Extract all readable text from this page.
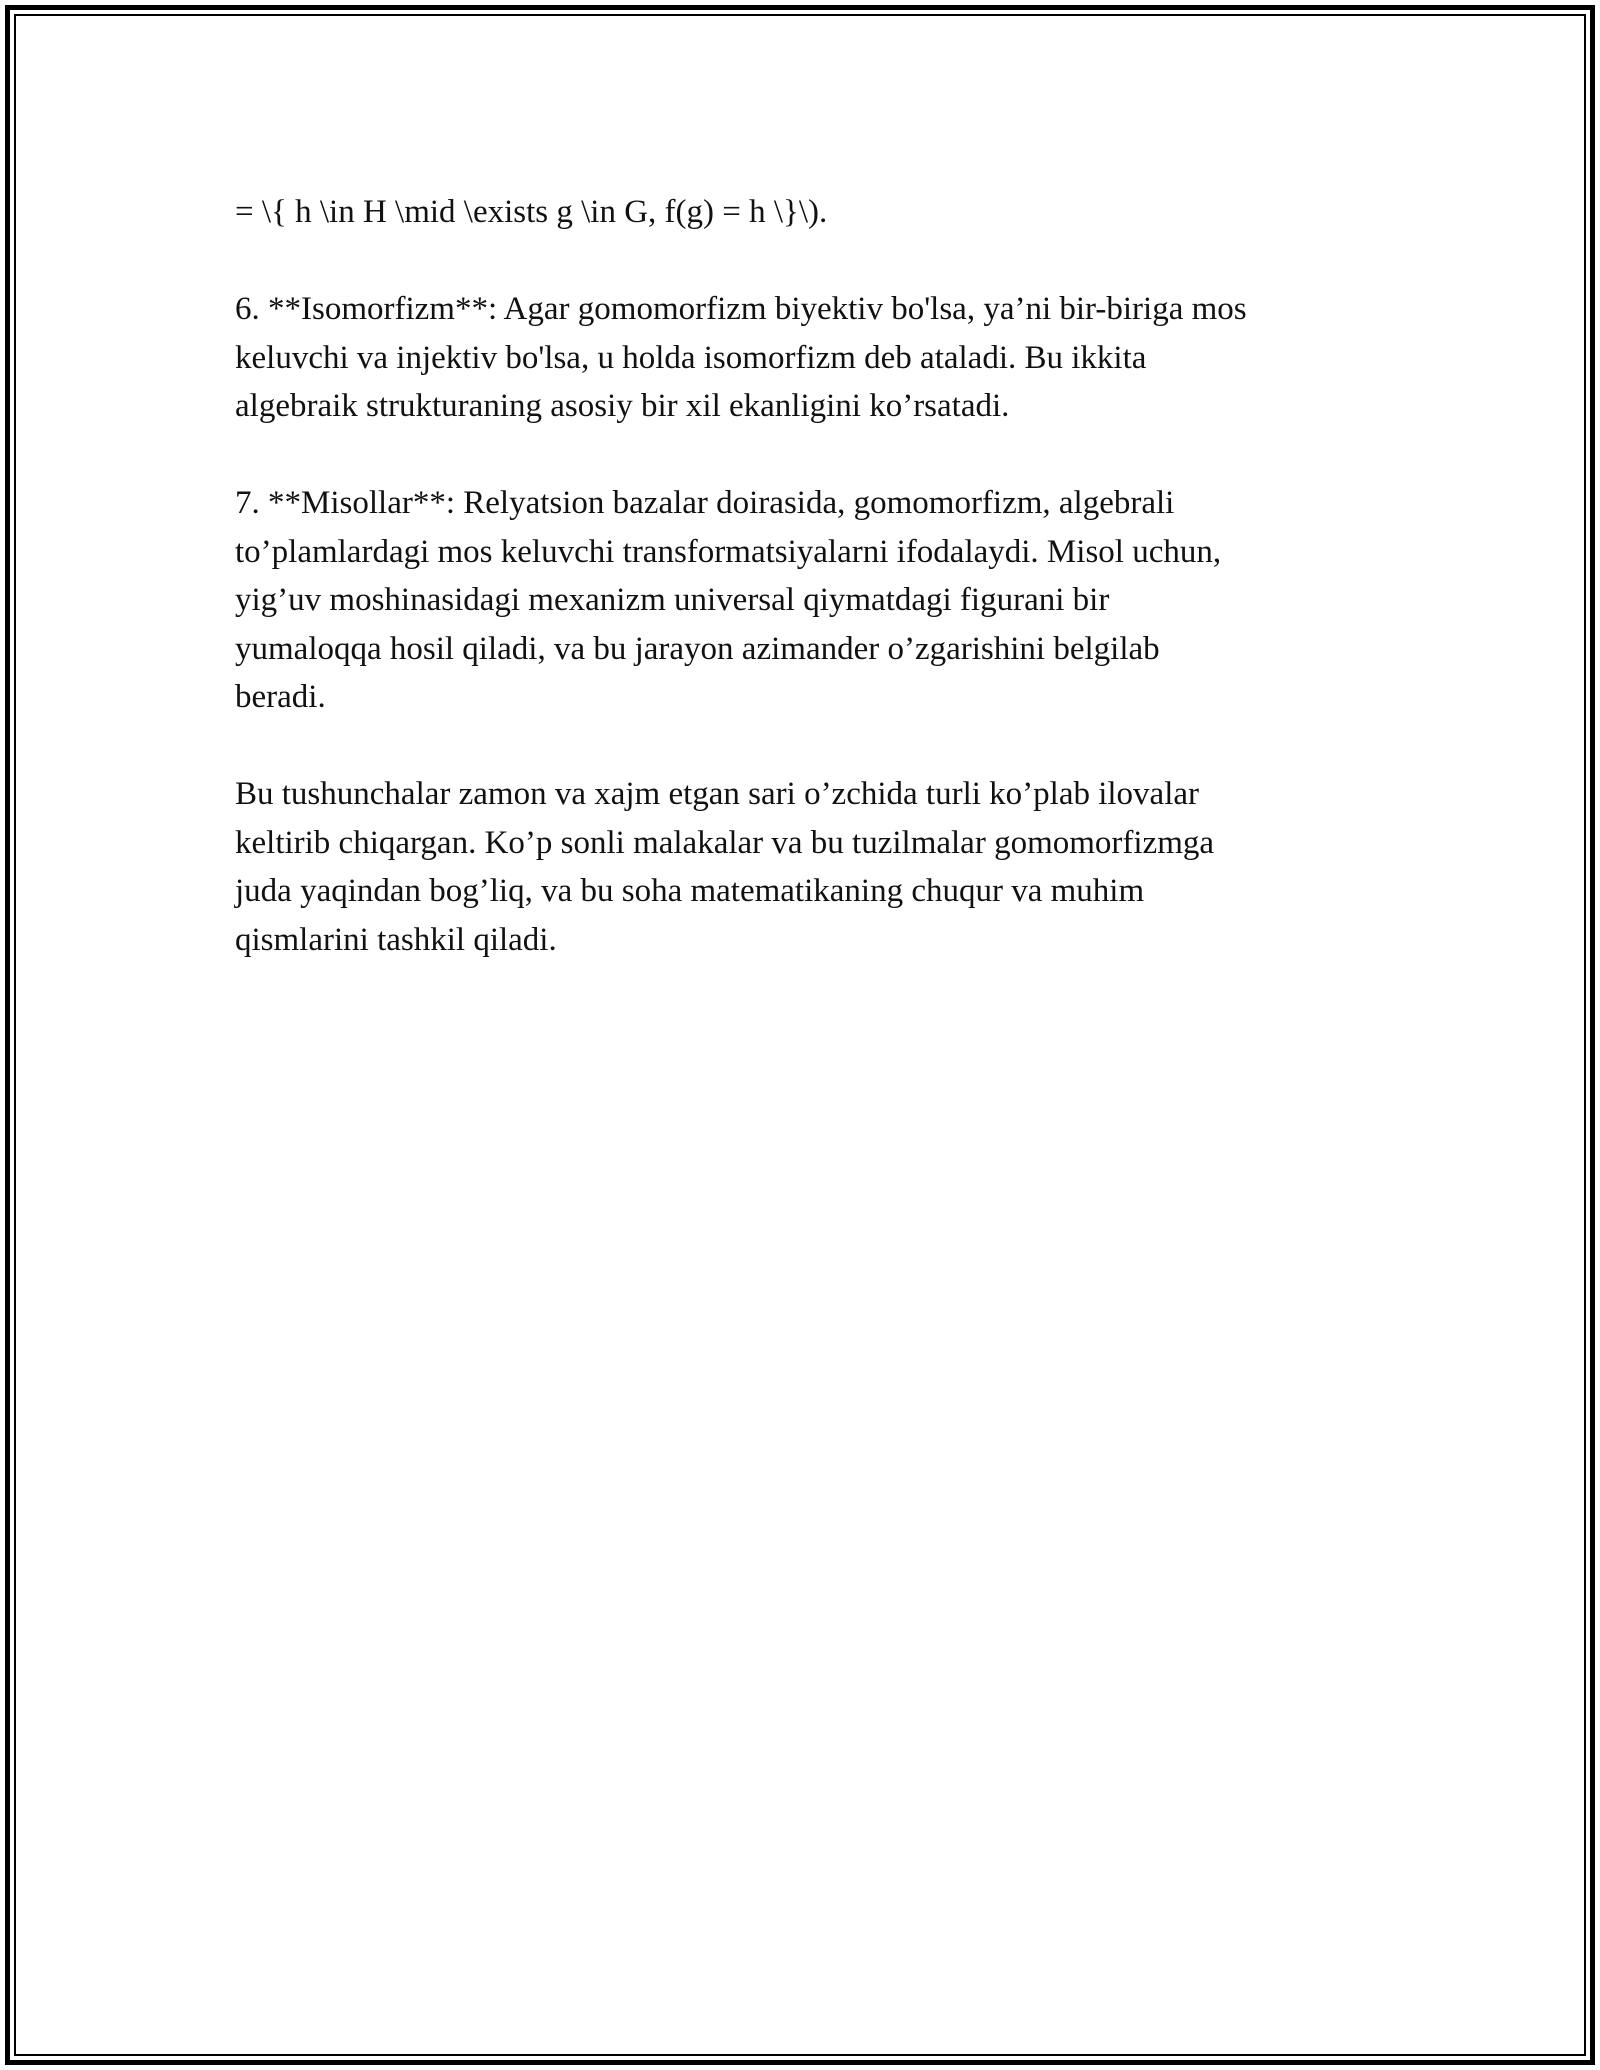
= \{ h \in H \mid \exists g \in G, f(g) = h \}\).

6. **Isomorfizm**: Agar gomomorfizm biyektiv bo'lsa, ya’ni bir-biriga mos
keluvchi va injektiv bo'lsa, u holda isomorfizm deb ataladi. Bu ikkita
algebraik strukturaning asosiy bir xil ekanligini ko’rsatadi.

7. **Misollar**: Relyatsion bazalar doirasida, gomomorfizm, algebrali
to’plamlardagi mos keluvchi transformatsiyalarni ifodalaydi. Misol uchun,
yig’uv moshinasidagi mexanizm universal qiymatdagi figurani bir
yumaloqqa hosil qiladi, va bu jarayon azimander o’zgarishini belgilab
beradi.

Bu tushunchalar zamon va xajm etgan sari o’zchida turli ko’plab ilovalar
keltirib chiqargan. Ko’p sonli malakalar va bu tuzilmalar gomomorfizmga
juda yaqindan bog’liq, va bu soha matematikaning chuqur va muhim
qismlarini tashkil qiladi.
